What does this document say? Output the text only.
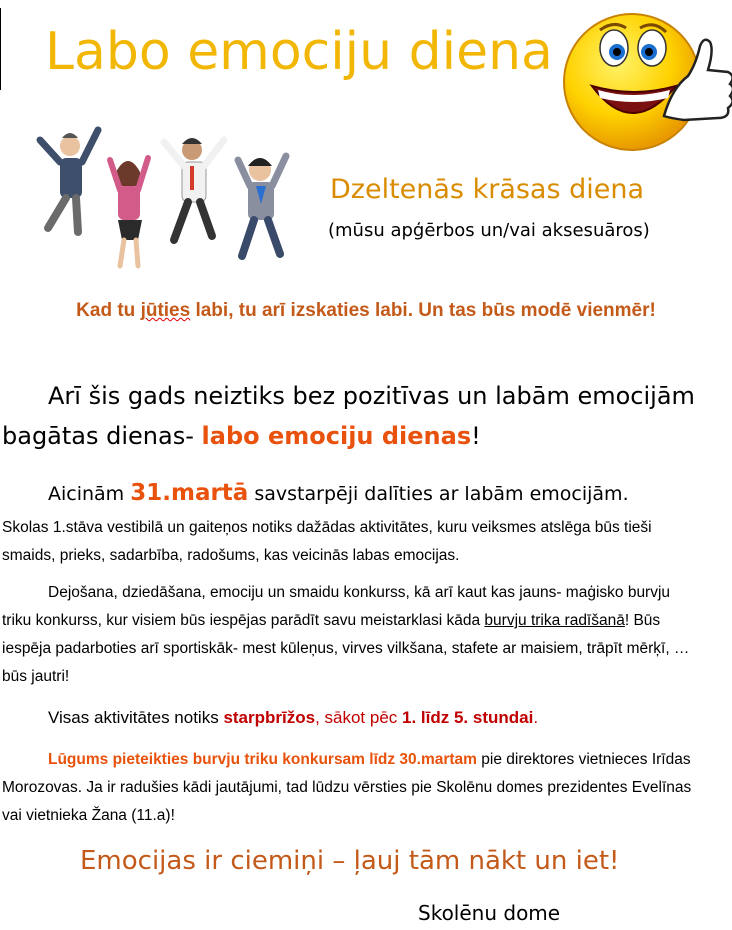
Labo emociju diena
Dzeltenās krāsas diena
(mūsu apģērbos un/vai aksesuāros)
Kad tu jūties labi, tu arī izskaties labi. Un tas būs modē vienmēr!
Arī šis gads neiztiks bez pozitīvas un labām emocijām bagātas dienas- labo emociju dienas!
Aicinām 31.martā savstarpēji dalīties ar labām emocijām.
Skolas 1.stāva vestibilā un gaiteņos notiks dažādas aktivitātes, kuru veiksmes atslēga būs tieši smaids, prieks, sadarbība, radošums, kas veicinās labas emocijas.
Dejošana, dziedāšana, emociju un smaidu konkurss, kā arī kaut kas jauns- maģisko burvju triku konkurss, kur visiem būs iespējas parādīt savu meistarklasi kāda burvju trika radīšanā! Būs iespēja padarboties arī sportiskāk- mest kūleņus, virves vilkšana, stafete ar maisiem, trāpīt mērķī, … būs jautri!
Visas aktivitātes notiks starpbrīžos, sākot pēc 1. līdz 5. stundai.
Lūgums pieteikties burvju triku konkursam līdz 30.martam pie direktores vietnieces Irīdas Morozovas. Ja ir radušies kādi jautājumi, tad lūdzu vērsties pie Skolēnu domes prezidentes Evelīnas vai vietnieka Žana (11.a)!
Emocijas ir ciemiņi – ļauj tām nākt un iet!
Skolēnu dome
